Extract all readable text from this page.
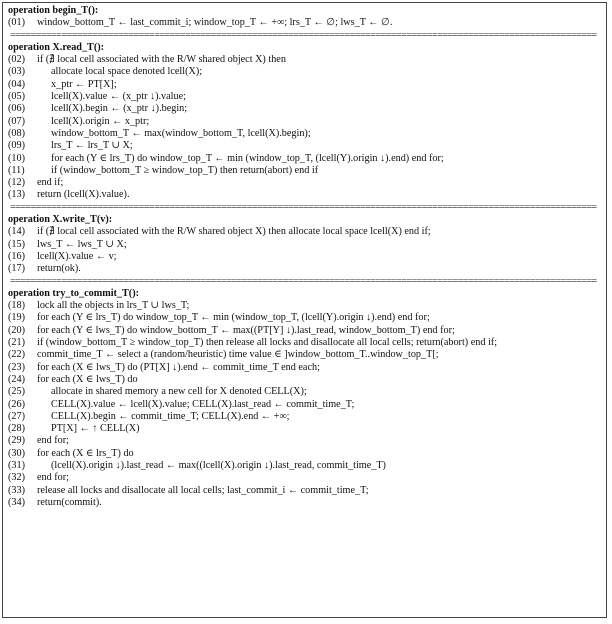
operation begin_T():
(01) window_bottom_T ← last_commit_i; window_top_T ← +∞; lrs_T ← ∅; lws_T ← ∅.
==================================================================================================================
operation X.read_T():
(02) if (∄ local cell associated with the R/W shared object X) then
(03)	allocate local space denoted lcell(X);
(04)	x_ptr ← PT[X];
(05)	lcell(X).value ← (x_ptr ↓).value;
(06)	lcell(X).begin ← (x_ptr ↓).begin;
(07)	lcell(X).origin ← x_ptr;
(08)	window_bottom_T ← max(window_bottom_T, lcell(X).begin);
(09)	lrs_T ← lrs_T ∪ X;
(10)	for each (Y ∈ lrs_T) do window_top_T ← min (window_top_T, (lcell(Y).origin ↓).end) end for;
(11)	if (window_bottom_T ≥ window_top_T) then return(abort) end if
(12) end if;
(13) return (lcell(X).value).
==================================================================================================================
operation X.write_T(v):
(14) if (∄ local cell associated with the R/W shared object X) then allocate local space lcell(X) end if;
(15) lws_T ← lws_T ∪ X;
(16) lcell(X).value ← v;
(17) return(ok).
==================================================================================================================
operation try_to_commit_T():
(18) lock all the objects in lrs_T ∪ lws_T;
(19) for each (Y ∈ lrs_T) do window_top_T ← min (window_top_T, (lcell(Y).origin ↓).end) end for;
(20) for each (Y ∈ lws_T) do window_bottom_T ← max((PT[Y] ↓).last_read, window_bottom_T) end for;
(21) if (window_bottom_T ≥ window_top_T) then release all locks and disallocate all local cells; return(abort) end if;
(22) commit_time_T ← select a (random/heuristic) time value ∈ ]window_bottom_T..window_top_T[;
(23) for each (X ∈ lws_T) do (PT[X] ↓).end ← commit_time_T end each;
(24) for each (X ∈ lws_T) do
(25)	allocate in shared memory a new cell for X denoted CELL(X);
(26)	CELL(X).value ← lcell(X).value; CELL(X).last_read ← commit_time_T;
(27)	CELL(X).begin ← commit_time_T; CELL(X).end ← +∞;
(28)	PT[X] ← ↑ CELL(X)
(29) end for;
(30) for each (X ∈ lrs_T) do
(31)	(lcell(X).origin ↓).last_read ← max((lcell(X).origin ↓).last_read, commit_time_T)
(32) end for;
(33) release all locks and disallocate all local cells; last_commit_i ← commit_time_T;
(34) return(commit).
